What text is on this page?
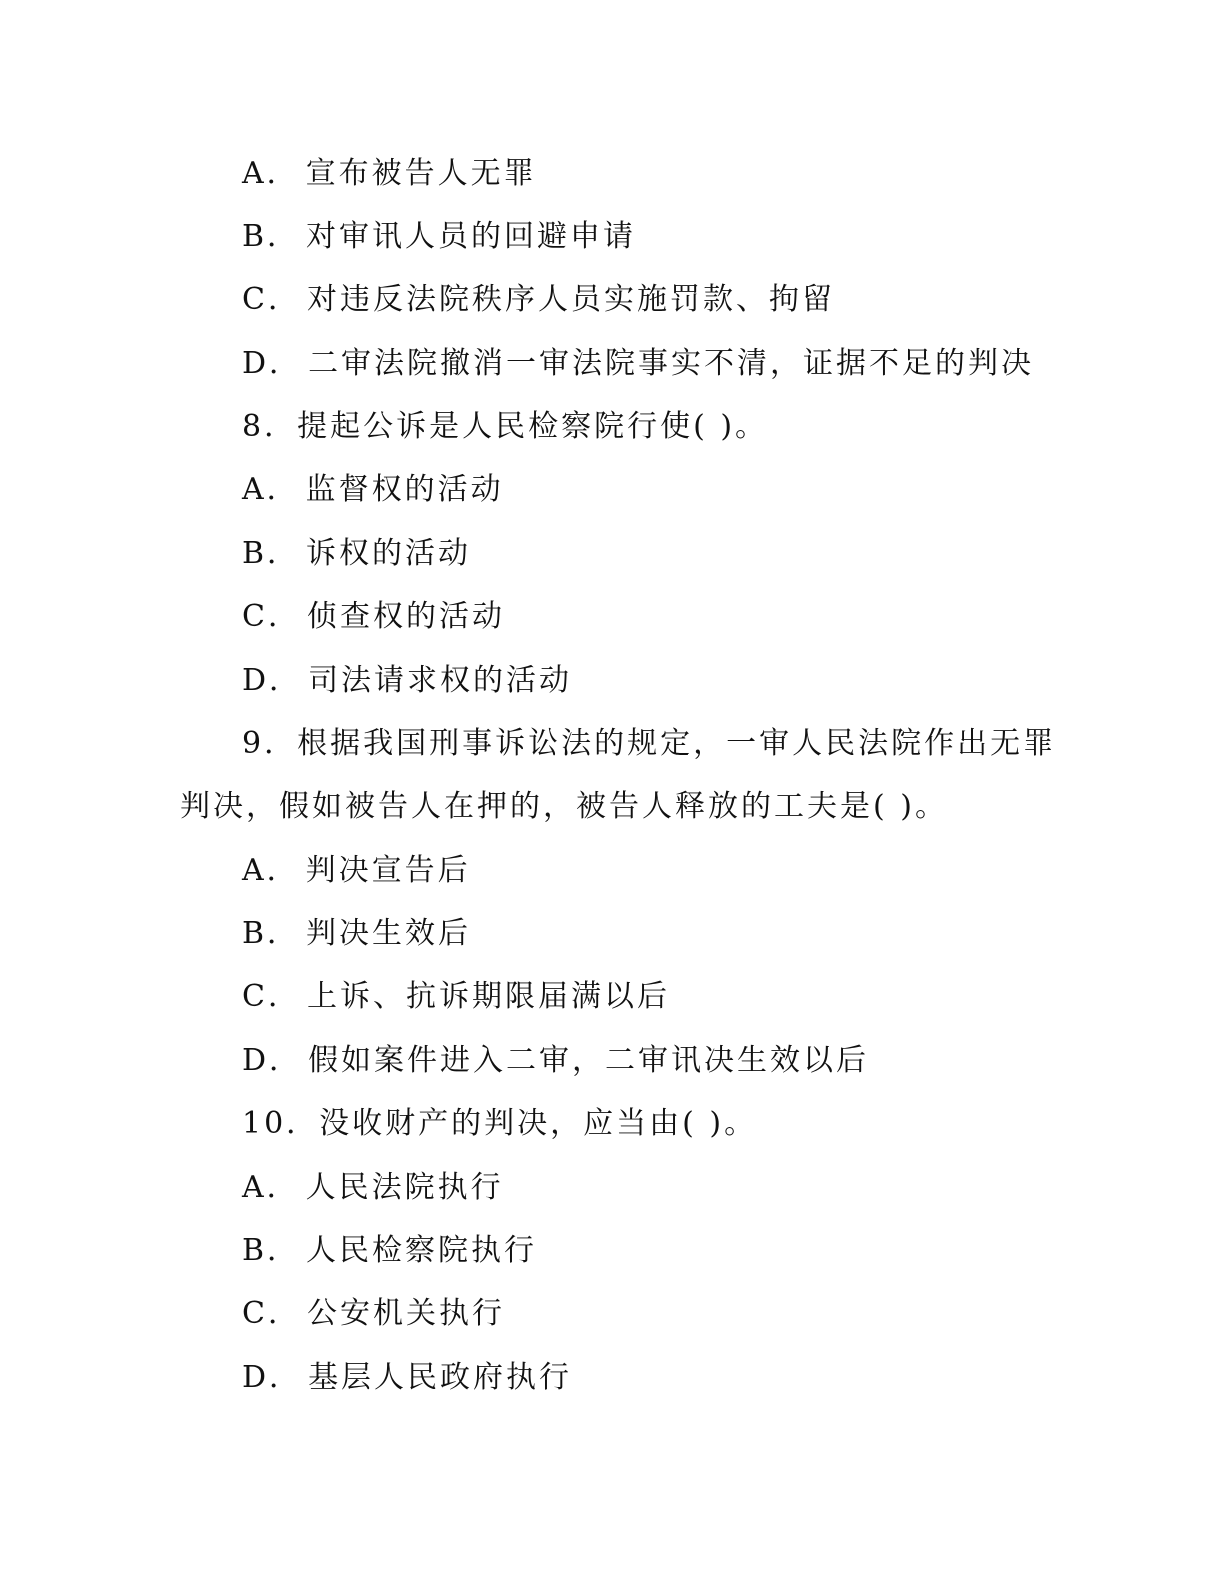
A． 宣布被告人无罪
B． 对审讯人员的回避申请
C． 对违反法院秩序人员实施罚款、拘留
D． 二审法院撤消一审法院事实不清，证据不足的判决
8．提起公诉是人民检察院行使( )。
A． 监督权的活动
B． 诉权的活动
C． 侦查权的活动
D． 司法请求权的活动
9．根据我国刑事诉讼法的规定，一审人民法院作出无罪
判决，假如被告人在押的，被告人释放的工夫是( )。
A． 判决宣告后
B． 判决生效后
C． 上诉、抗诉期限届满以后
D． 假如案件进入二审，二审讯决生效以后
10．没收财产的判决，应当由( )。
A． 人民法院执行
B． 人民检察院执行
C． 公安机关执行
D． 基层人民政府执行
